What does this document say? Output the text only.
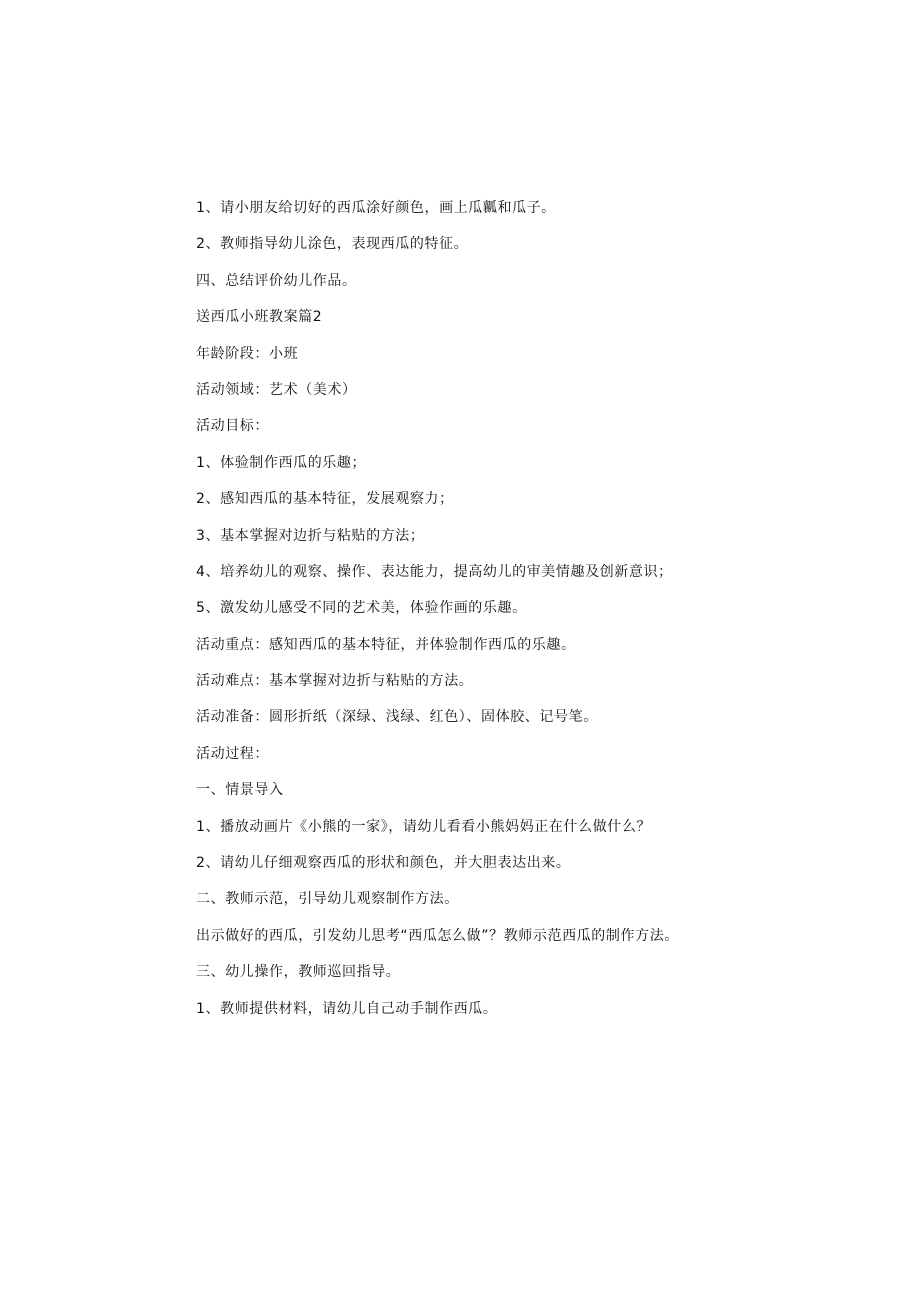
1、请小朋友给切好的西瓜涂好颜色，画上瓜瓤和瓜子。
2、教师指导幼儿涂色，表现西瓜的特征。
四、总结评价幼儿作品。
送西瓜小班教案篇2
年龄阶段：小班
活动领域：艺术（美术）
活动目标：
1、体验制作西瓜的乐趣；
2、感知西瓜的基本特征，发展观察力；
3、基本掌握对边折与粘贴的方法；
4、培养幼儿的观察、操作、表达能力，提高幼儿的审美情趣及创新意识；
5、激发幼儿感受不同的艺术美，体验作画的乐趣。
活动重点：感知西瓜的基本特征，并体验制作西瓜的乐趣。
活动难点：基本掌握对边折与粘贴的方法。
活动准备：圆形折纸（深绿、浅绿、红色）、固体胶、记号笔。
活动过程：
一、情景导入
1、播放动画片《小熊的一家》，请幼儿看看小熊妈妈正在什么做什么？
2、请幼儿仔细观察西瓜的形状和颜色，并大胆表达出来。
二、教师示范，引导幼儿观察制作方法。
出示做好的西瓜，引发幼儿思考“西瓜怎么做”？教师示范西瓜的制作方法。
三、幼儿操作，教师巡回指导。
1、教师提供材料，请幼儿自己动手制作西瓜。
